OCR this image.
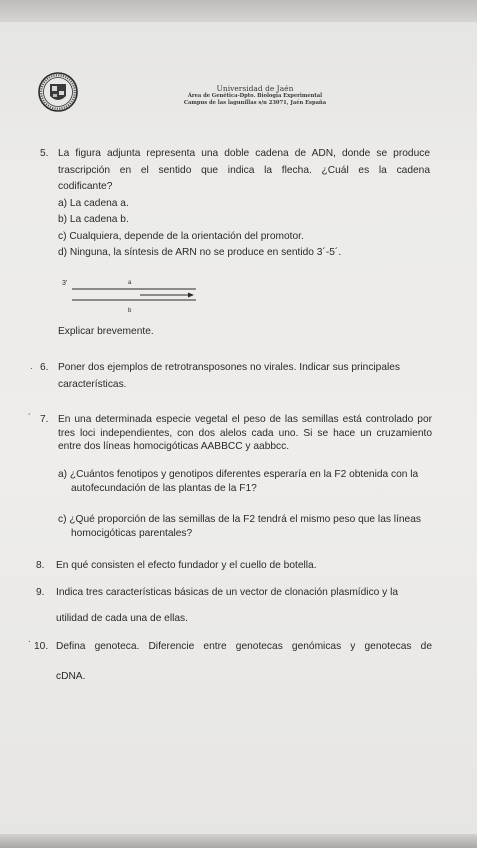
Universidad de Jaén
Área de Genética-Dpto. Biología Experimental
Campus de las lagunillas s/n 23071, Jaén España
5. La figura adjunta representa una doble cadena de ADN, donde se produce
trascripción en el sentido que indica la flecha. ¿Cuál es la cadena
codificante?
a) La cadena a.
b) La cadena b.
c) Cualquiera, depende de la orientación del promotor.
d) Ninguna, la síntesis de ARN no se produce en sentido 3´-5´.
3'	a
b
Explicar brevemente.
. 6. Poner dos ejemplos de retrotransposones no virales. Indicar sus principales
características.
´ 7. En una determinada especie vegetal el peso de las semillas está controlado por
tres loci independientes, con dos alelos cada uno. Si se hace un cruzamiento
entre dos líneas homocigóticas AABBCC y aabbcc.
a) ¿Cuántos fenotipos y genotipos diferentes esperaría en la F2 obtenida con la
autofecundación de las plantas de la F1?
c) ¿Qué proporción de las semillas de la F2 tendrá el mismo peso que las líneas
homocigóticas parentales?
8. En qué consisten el efecto fundador y el cuello de botella.
9. Indica tres características básicas de un vector de clonación plasmídico y la
utilidad de cada una de ellas.
.
10. Defina genoteca. Diferencie entre genotecas genómicas y genotecas de
cDNA.
